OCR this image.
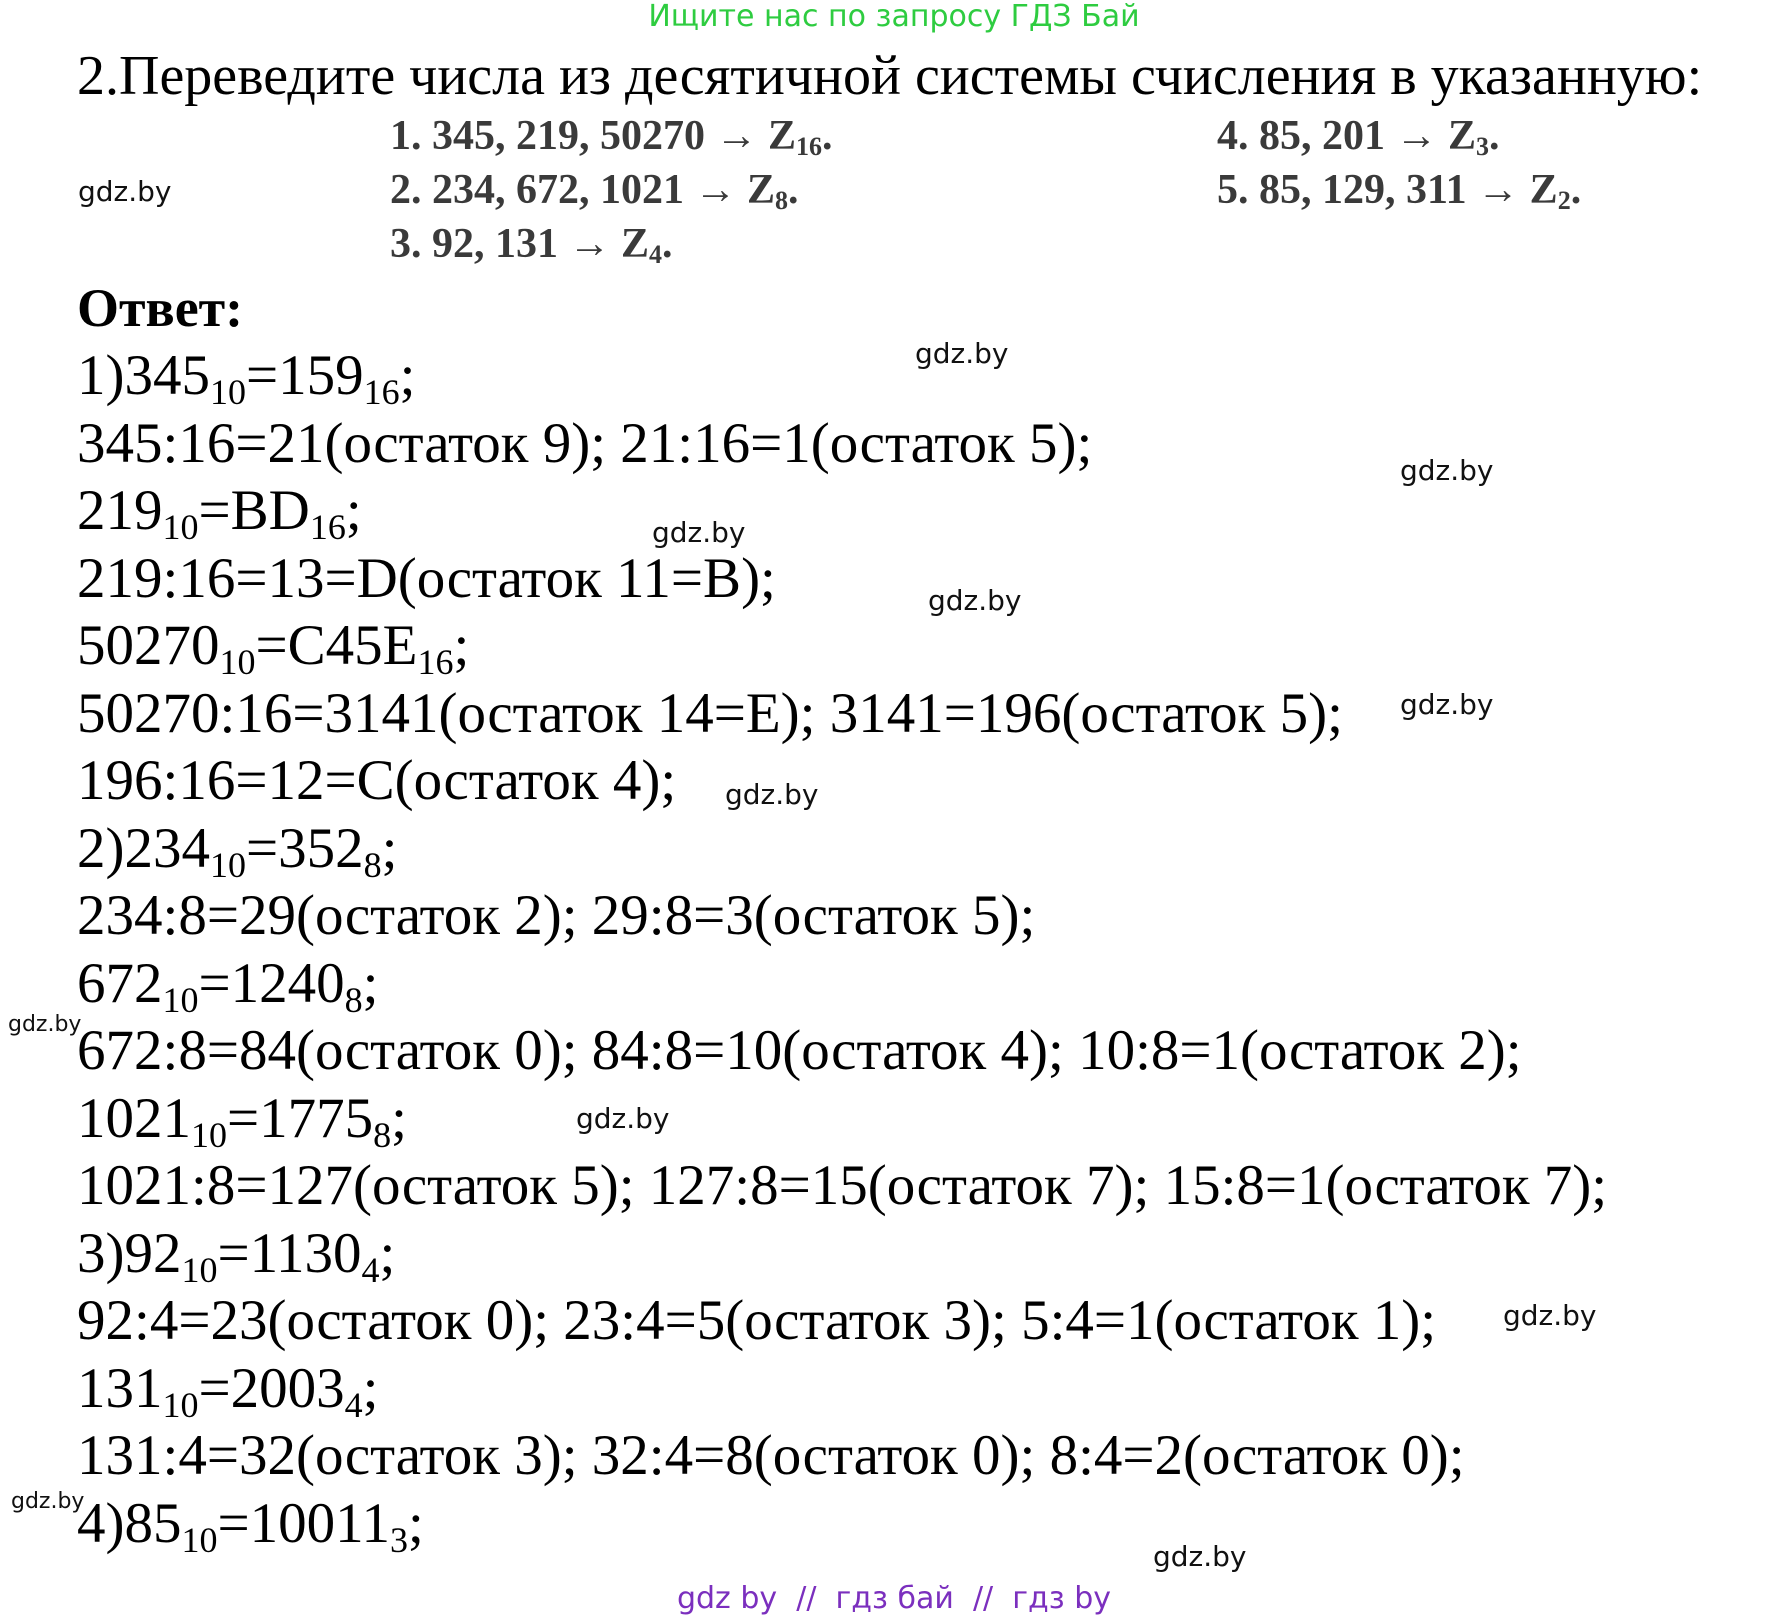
Ищите нас по запросу ГДЗ Бай
2.Переведите числа из десятичной системы счисления в указанную:
1. 345, 219, $50270 \to Z_{16}$.
2. 234, 672, $1021 \to Z_8$.
3. 92, $131 \to Z_4$.
4. 85, $201 \to Z_3$.
5. 85, 129, $311 \to Z_2$.
Ответ:
1)34510=15916;
345:16=21(остаток 9); 21:16=1(остаток 5);
21910=BD16;
219:16=13=D(остаток 11=B);
5027010=C45E16;
50270:16=3141(остаток 14=E); 3141=196(остаток 5);
196:16=12=C(остаток 4);
2)23410=3528;
234:8=29(остаток 2); 29:8=3(остаток 5);
67210=12408;
672:8=84(остаток 0); 84:8=10(остаток 4); 10:8=1(остаток 2);
102110=17758;
1021:8=127(остаток 5); 127:8=15(остаток 7); 15:8=1(остаток 7);
3)9210=11304;
92:4=23(остаток 0); 23:4=5(остаток 3); 5:4=1(остаток 1);
13110=20034;
131:4=32(остаток 3); 32:4=8(остаток 0); 8:4=2(остаток 0);
4)8510=100113;
gdz.by
gdz.by
gdz.by
gdz.by
gdz.by
gdz.by
gdz.by
gdz.by
gdz.by
gdz.by
gdz.by
gdz.by
gdz by  //  гдз бай  //  гдз by
